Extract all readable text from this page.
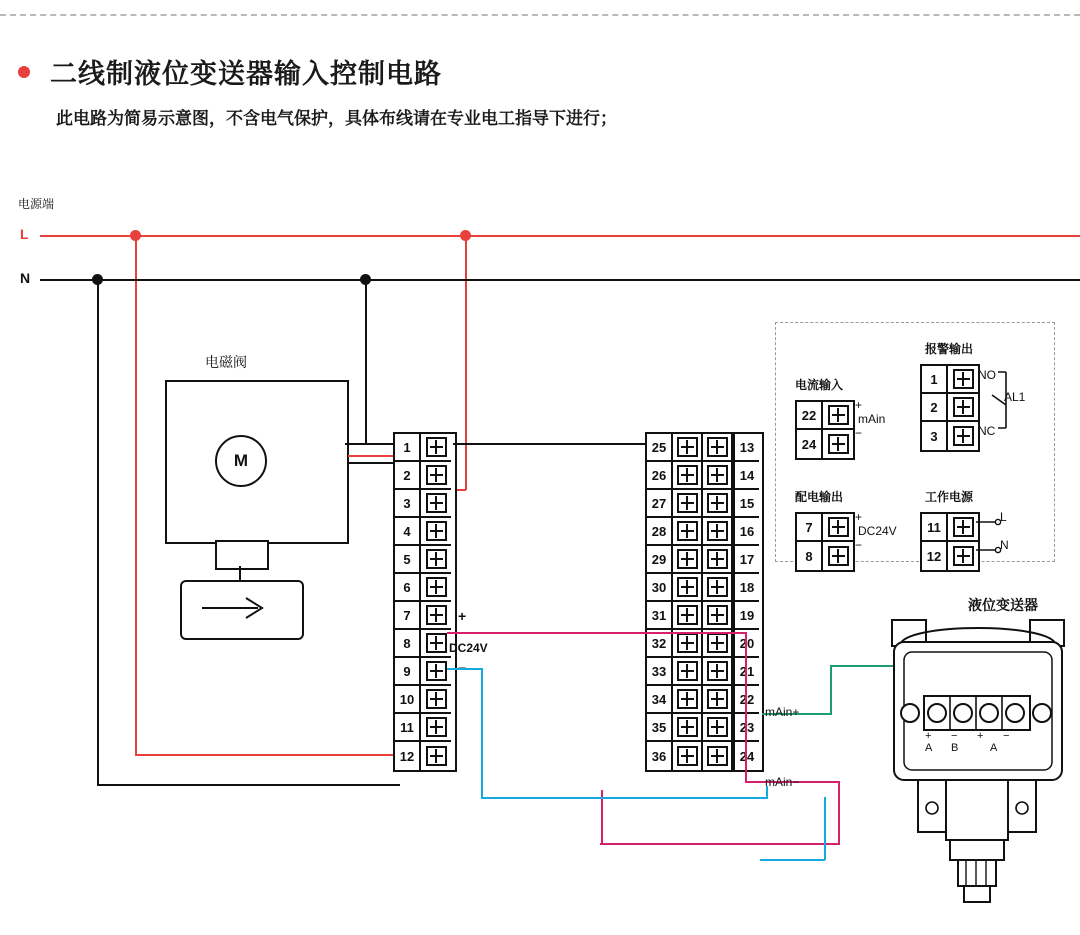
二线制液位变送器输入控制电路
此电路为简易示意图，不含电气保护，具体布线请在专业电工指导下进行；
电源端
L
N
电磁阀
M
1
2
3
4
5
6
7
8
9
10
11
12
25	13
26	14
27	15
28	16
29	17
30	18
31	19
32	20
33	21
34	22
35	23
36	24
+
DC24V
−
mAin+
mAin−
电流输入
22
24
+
−
mAin
配电输出
7
8
+
−
DC24V
报警输出
1
2
3
NO
NC
AL1
工作电源
11
12
L
N
液位变送器
+ − + −
A B	A
